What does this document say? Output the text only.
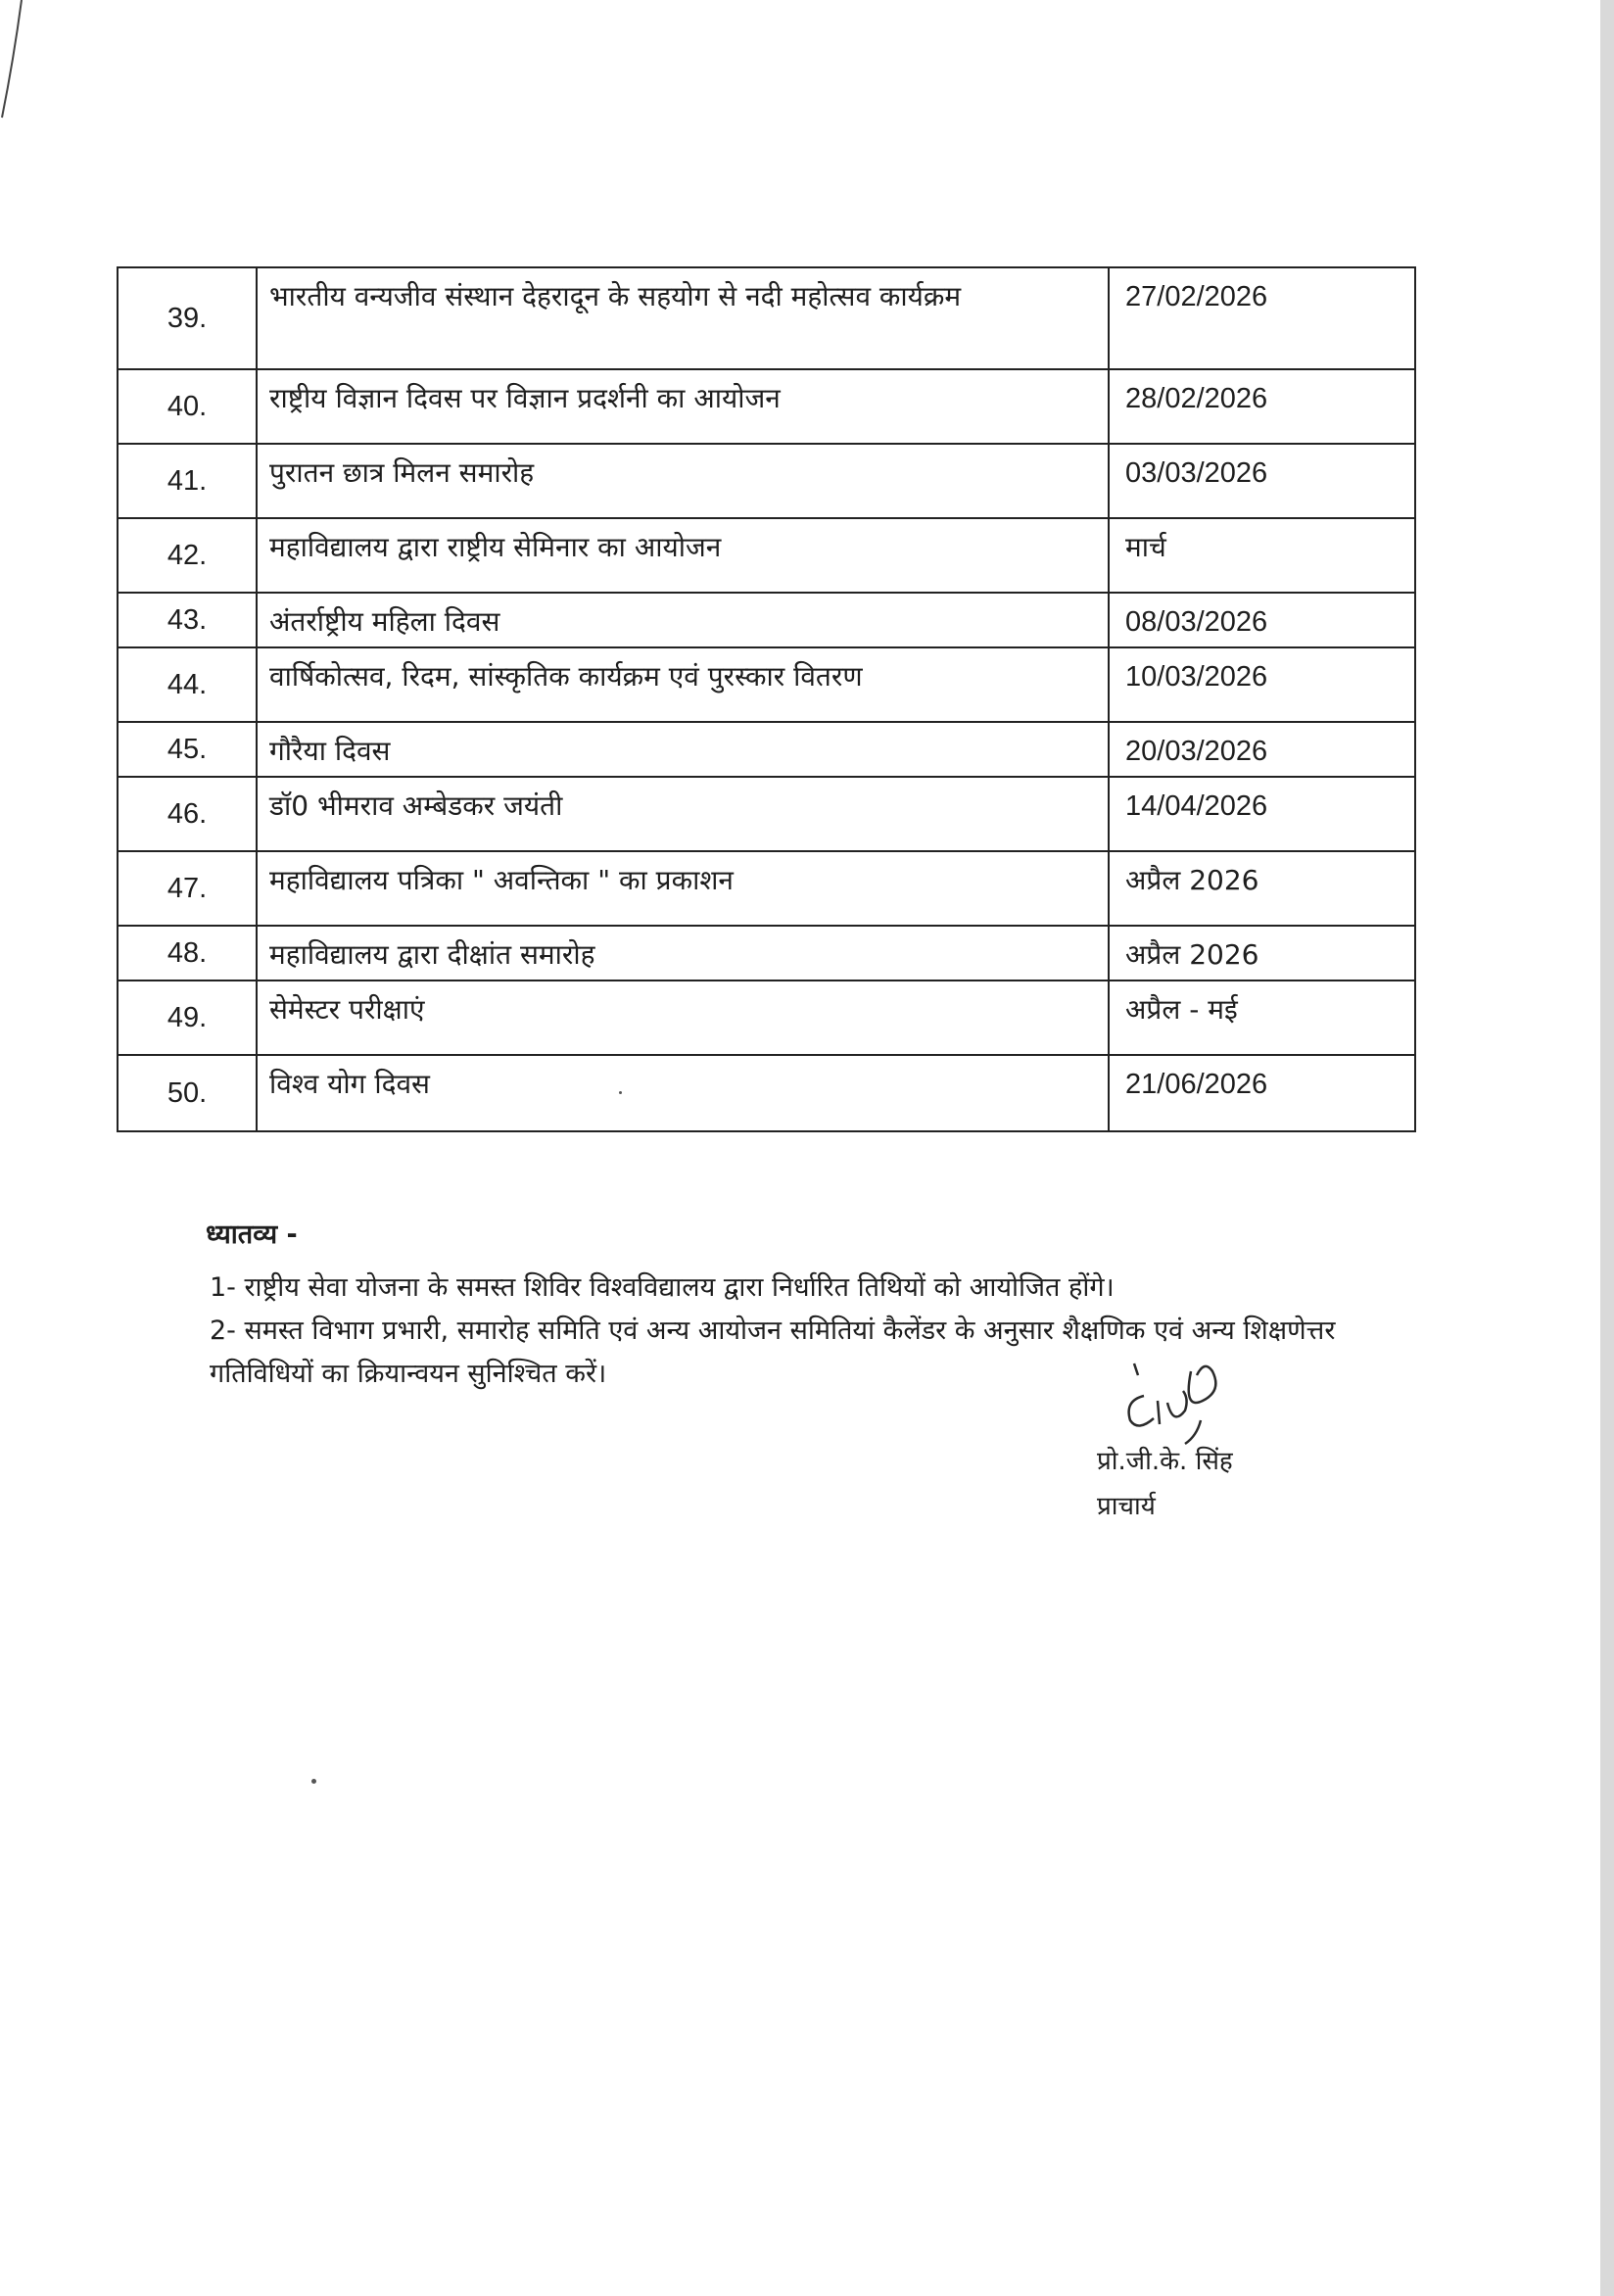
39.	भारतीय वन्यजीव संस्थान देहरादून के सहयोग से नदी महोत्सव कार्यक्रम	27/02/2026
40.	राष्ट्रीय विज्ञान दिवस पर विज्ञान प्रदर्शनी का आयोजन	28/02/2026
41.	पुरातन छात्र मिलन समारोह	03/03/2026
42.	महाविद्यालय द्वारा राष्ट्रीय सेमिनार का आयोजन	मार्च
43.	अंतर्राष्ट्रीय महिला दिवस	08/03/2026
44.	वार्षिकोत्सव, रिदम, सांस्कृतिक कार्यक्रम एवं पुरस्कार वितरण	10/03/2026
45.	गौरैया दिवस	20/03/2026
46.	डॉ0 भीमराव अम्बेडकर जयंती	14/04/2026
47.	महाविद्यालय पत्रिका " अवन्तिका " का प्रकाशन	अप्रैल 2026
48.	महाविद्यालय द्वारा दीक्षांत समारोह	अप्रैल 2026
49.	सेमेस्टर परीक्षाएं	अप्रैल - मई
50.	विश्व योग दिवस	21/06/2026
ध्यातव्य -
1- राष्ट्रीय सेवा योजना के समस्त शिविर विश्वविद्यालय द्वारा निर्धारित तिथियों को आयोजित होंगे।
2- समस्त विभाग प्रभारी, समारोह समिति एवं अन्य आयोजन समितियां कैलेंडर के अनुसार शैक्षणिक एवं अन्य शिक्षणेत्तर गतिविधियों का क्रियान्वयन सुनिश्चित करें।
प्रो.जी.के. सिंह
प्राचार्य
